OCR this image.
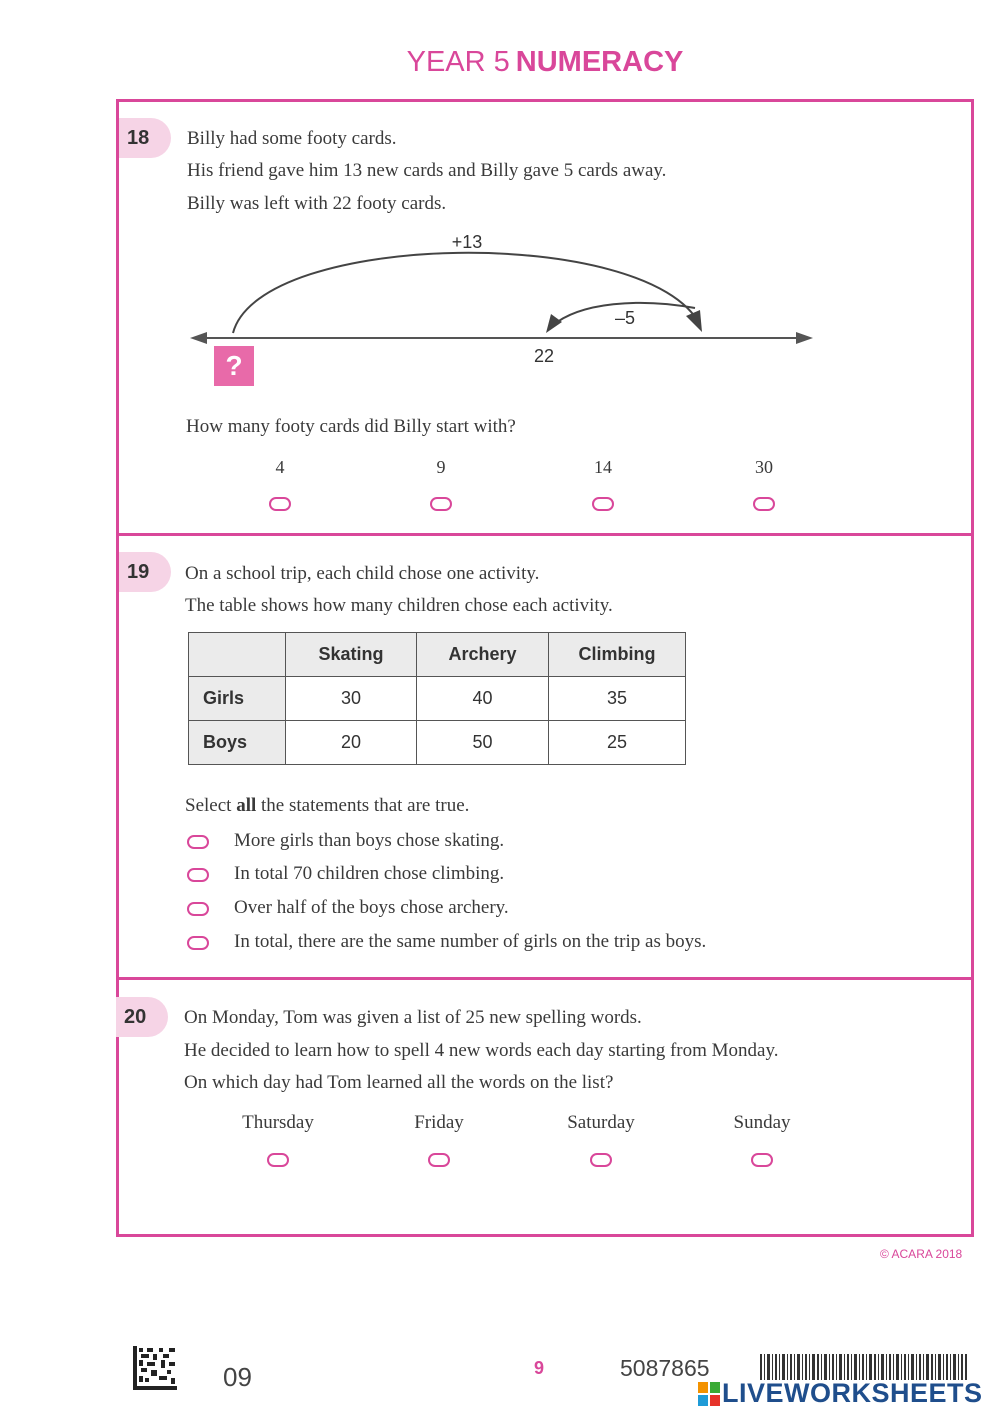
YEAR 5 NUMERACY
18	Billy had some footy cards.
His friend gave him 13 new cards and Billy gave 5 cards away.
Billy was left with 22 footy cards.
+13
–5
22
?
How many footy cards did Billy start with?
4	9	14	30
19	On a school trip, each child chose one activity.
The table shows how many children chose each activity.
	Skating	Archery	Climbing
Girls	30	40	35
Boys	20	50	25
Select all the statements that are true.
More girls than boys chose skating.
In total 70 children chose climbing.
Over half of the boys chose archery.
In total, there are the same number of girls on the trip as boys.
20	On Monday, Tom was given a list of 25 new spelling words.
He decided to learn how to spell 4 new words each day starting from Monday.
On which day had Tom learned all the words on the list?
Thursday	Friday	Saturday	Sunday
© ACARA 2018
09	9	5087865
LIVEWORKSHEETS
